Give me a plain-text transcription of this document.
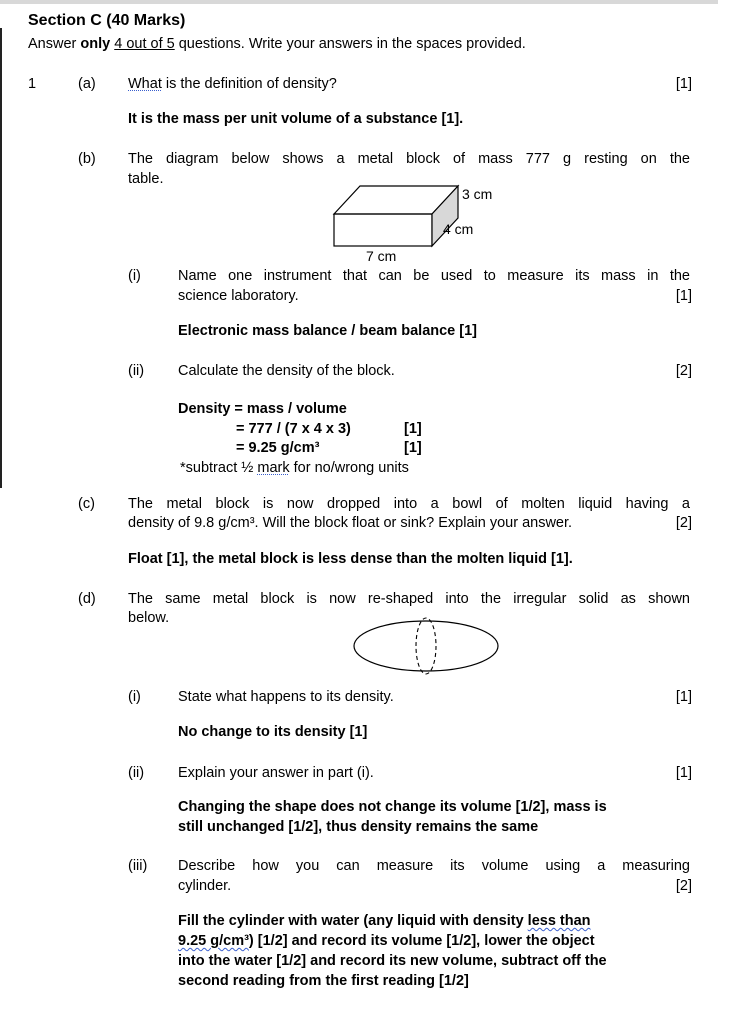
Section C (40 Marks)
Answer only 4 out of 5 questions. Write your answers in the spaces provided.
1	(a) What is the definition of density?	[1]
It is the mass per unit volume of a substance [1].
(b) The diagram below shows a metal block of mass 777 g resting on the
table.
3 cm
4 cm
7 cm
(i)	Name one instrument that can be used to measure its mass in the
science laboratory.	[1]
Electronic mass balance / beam balance [1]
(ii) Calculate the density of the block.	[2]
Density = mass / volume
= 777 / (7 x 4 x 3)	[1]
= 9.25 g/cm³	[1]
*subtract ½ mark for no/wrong units
(c) The metal block is now dropped into a bowl of molten liquid having a
density of 9.8 g/cm³. Will the block float or sink? Explain your answer.	[2]
Float [1], the metal block is less dense than the molten liquid [1].
(d) The same metal block is now re-shaped into the irregular solid as shown
below.
(i)	State what happens to its density.	[1]
No change to its density [1]
(ii) Explain your answer in part (i).	[1]
Changing the shape does not change its volume [1/2], mass is
still unchanged [1/2], thus density remains the same
(iii) Describe how you can measure its volume using a measuring
cylinder.	[2]
Fill the cylinder with water (any liquid with density less than
9.25 g/cm³) [1/2] and record its volume [1/2], lower the object
into the water [1/2] and record its new volume, subtract off the
second reading from the first reading [1/2]
